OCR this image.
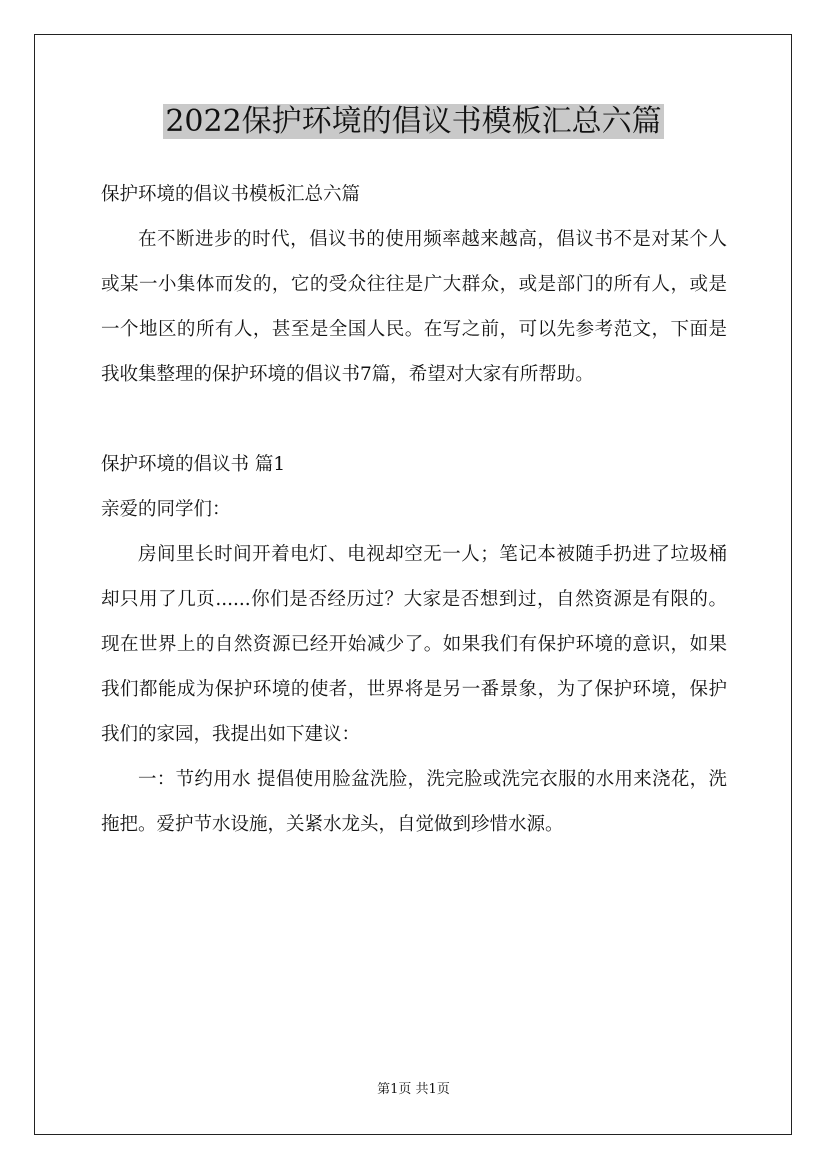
2022保护环境的倡议书模板汇总六篇

保护环境的倡议书模板汇总六篇

在不断进步的时代，倡议书的使用频率越来越高，倡议书不是对某个人或某一小集体而发的，它的受众往往是广大群众，或是部门的所有人，或是一个地区的所有人，甚至是全国人民。在写之前，可以先参考范文，下面是我收集整理的保护环境的倡议书7篇，希望对大家有所帮助。

保护环境的倡议书 篇1

亲爱的同学们：

房间里长时间开着电灯、电视却空无一人；笔记本被随手扔进了垃圾桶却只用了几页......你们是否经历过？大家是否想到过，自然资源是有限的。现在世界上的自然资源已经开始减少了。如果我们有保护环境的意识，如果我们都能成为保护环境的使者，世界将是另一番景象，为了保护环境，保护我们的家园，我提出如下建议：

一：节约用水 提倡使用脸盆洗脸，洗完脸或洗完衣服的水用来浇花，洗拖把。爱护节水设施，关紧水龙头，自觉做到珍惜水源。

第1页 共1页
